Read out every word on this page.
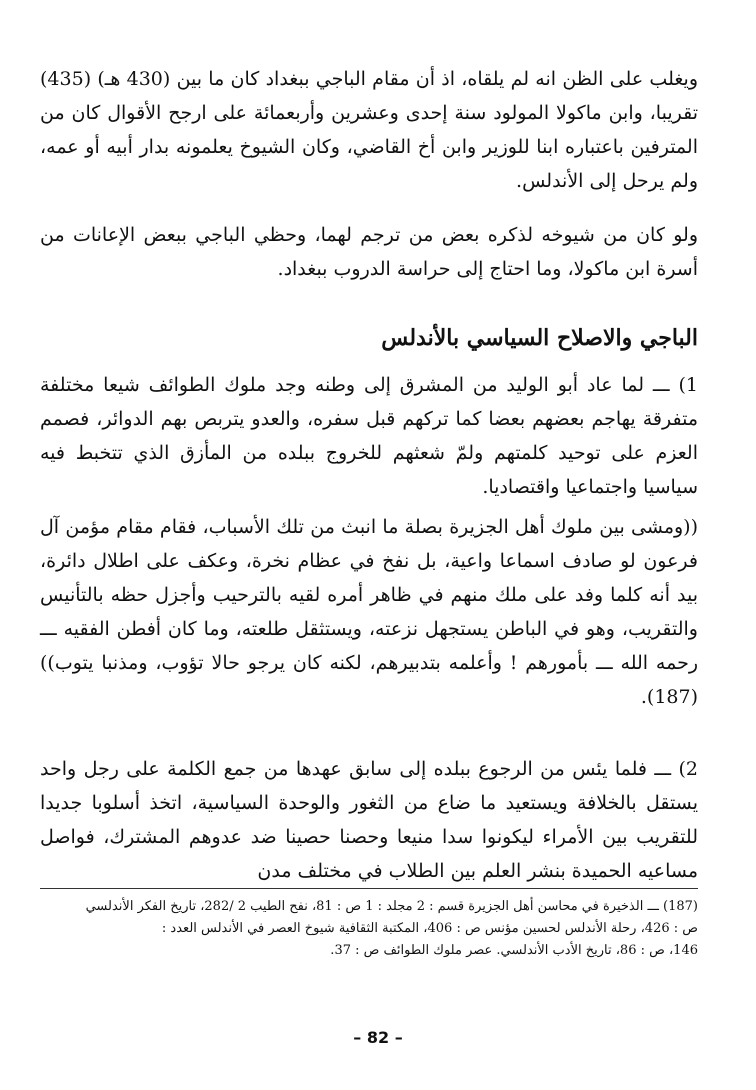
ويغلب على الظن انه لم يلقاه، اذ أن مقام الباجي ببغداد كان ما بين (430 هـ) (435) تقريبا، وابن ماكولا المولود سنة إحدى وعشرين وأربعمائة على ارجح الأقوال كان من المترفين باعتباره ابنا للوزير وابن أخ القاضي، وكان الشيوخ يعلمونه بدار أبيه أو عمه، ولم يرحل إلى الأندلس.

ولو كان من شيوخه لذكره بعض من ترجم لهما، وحظي الباجي ببعض الإعانات من أسرة ابن ماكولا، وما احتاج إلى حراسة الدروب ببغداد.

الباجي والاصلاح السياسي بالأندلس

1) ـــ لما عاد أبو الوليد من المشرق إلى وطنه وجد ملوك الطوائف شيعا مختلفة متفرقة يهاجم بعضهم بعضا كما تركهم قبل سفره، والعدو يتربص بهم الدوائر، فصمم العزم على توحيد كلمتهم ولمّ شعثهم للخروج ببلده من المأزق الذي تتخبط فيه سياسيا واجتماعيا واقتصاديا.

((ومشى بين ملوك أهل الجزيرة بصلة ما انبث من تلك الأسباب، فقام مقام مؤمن آل فرعون لو صادف اسماعا واعية، بل نفخ في عظام نخرة، وعكف على اطلال دائرة، بيد أنه كلما وفد على ملك منهم في ظاهر أمره لقيه بالترحيب وأجزل حظه بالتأنيس والتقريب، وهو في الباطن يستجهل نزعته، ويستثقل طلعته، وما كان أفطن الفقيه ـــ رحمه الله ـــ بأمورهم ! وأعلمه بتدبيرهم، لكنه كان يرجو حالا تؤوب، ومذنبا يتوب))(187).

2) ـــ فلما يئس من الرجوع ببلده إلى سابق عهدها من جمع الكلمة على رجل واحد يستقل بالخلافة ويستعيد ما ضاع من الثغور والوحدة السياسية، اتخذ أسلوبا جديدا للتقريب بين الأمراء ليكونوا سدا منيعا وحصنا حصينا ضد عدوهم المشترك، فواصل مساعيه الحميدة بنشر العلم بين الطلاب في مختلف مدن

(187) ـــ الذخيرة في محاسن أهل الجزيرة قسم : 2 مجلد : 1 ص : 81، نفح الطيب 2 /282، تاريخ الفكر الأندلسي

ص : 426، رحلة الأندلس لحسين مؤنس ص : 406، المكتبة الثقافية شيوخ العصر في الأندلس العدد :

146، ص : 86، تاريخ الأدب الأندلسي. عصر ملوك الطوائف ص : 37.

– 82 –
